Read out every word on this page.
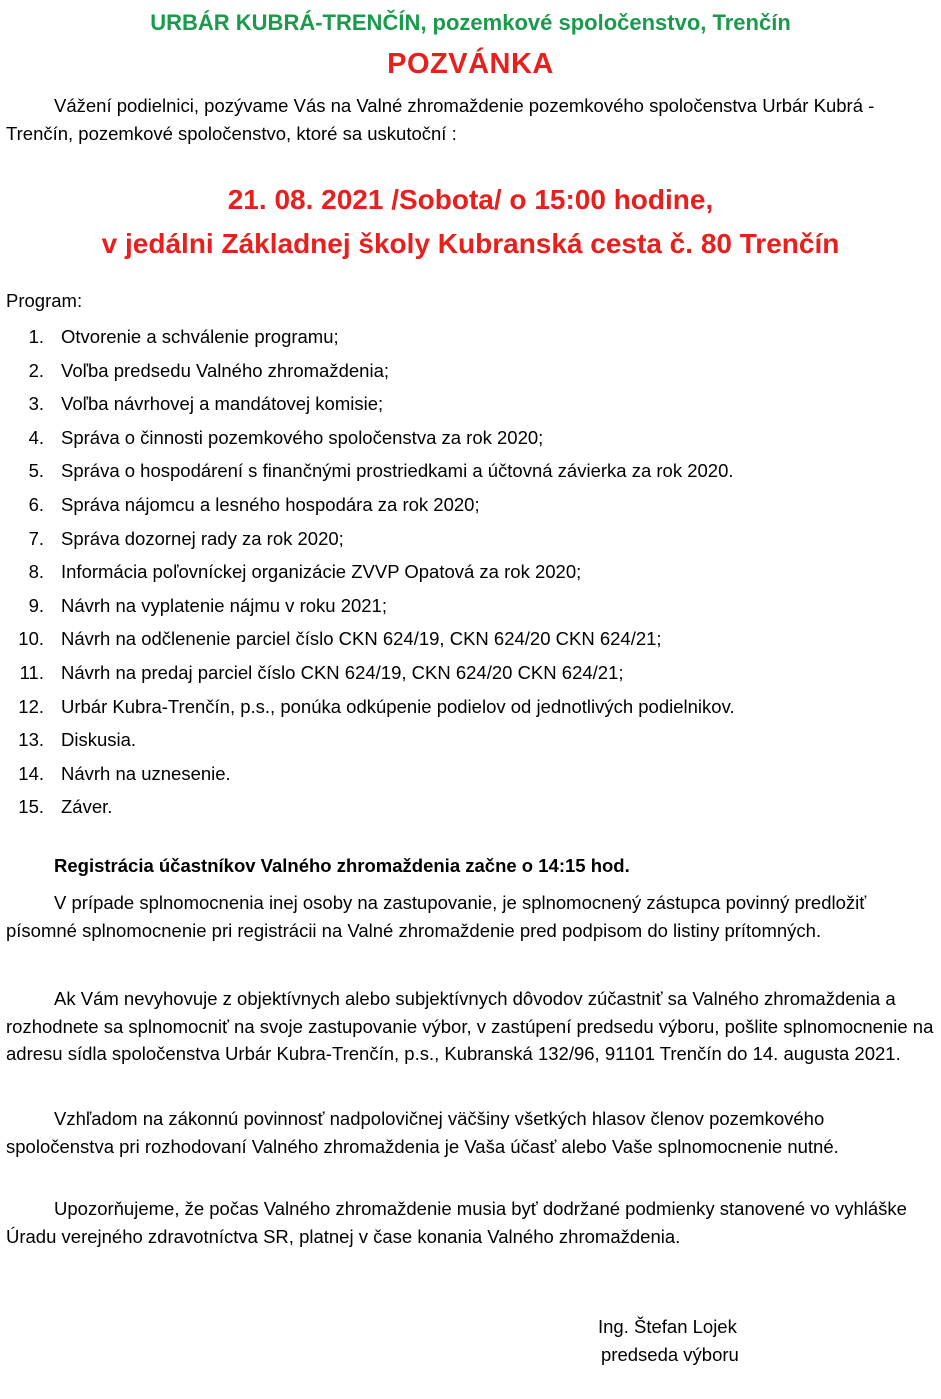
URBÁR KUBRÁ-TRENČÍN, pozemkové spoločenstvo, Trenčín
POZVÁNKA
Vážení podielnici, pozývame Vás na Valné zhromaždenie pozemkového spoločenstva Urbár Kubrá - Trenčín, pozemkové spoločenstvo, ktoré sa uskutoční :
21. 08. 2021 /Sobota/ o 15:00 hodine,
v jedálni Základnej školy Kubranská cesta č. 80 Trenčín
Program:
1. Otvorenie a schválenie programu;
2. Voľba predsedu Valného zhromaždenia;
3. Voľba návrhovej a mandátovej komisie;
4. Správa o činnosti pozemkového spoločenstva za rok 2020;
5. Správa o hospodárení s finančnými prostriedkami a účtovná závierka za rok 2020.
6. Správa nájomcu a lesného hospodára za rok 2020;
7. Správa dozornej rady za rok 2020;
8. Informácia poľovníckej organizácie ZVVP Opatová za rok 2020;
9. Návrh na vyplatenie nájmu v roku 2021;
10. Návrh na odčlenenie parciel číslo CKN 624/19, CKN 624/20 CKN 624/21;
11. Návrh na predaj parciel číslo CKN 624/19, CKN 624/20 CKN 624/21;
12. Urbár Kubra-Trenčín, p.s., ponúka odkúpenie podielov od jednotlivých podielnikov.
13. Diskusia.
14. Návrh na uznesenie.
15. Záver.
Registrácia účastníkov Valného zhromaždenia začne o 14:15 hod.
V prípade splnomocnenia inej osoby na zastupovanie, je splnomocnený zástupca povinný predložiť písomné splnomocnenie pri registrácii na Valné zhromaždenie pred podpisom do listiny prítomných.
Ak Vám nevyhovuje z objektívnych alebo subjektívnych dôvodov zúčastniť sa Valného zhromaždenia a rozhodnete sa splnomocniť na svoje zastupovanie výbor, v zastúpení predsedu výboru, pošlite splnomocnenie na adresu sídla spoločenstva Urbár Kubra-Trenčín, p.s., Kubranská 132/96, 91101 Trenčín do 14. augusta 2021.
Vzhľadom na zákonnú povinnosť nadpolovičnej väčšiny všetkých hlasov členov pozemkového spoločenstva pri rozhodovaní Valného zhromaždenia je Vaša účasť alebo Vaše splnomocnenie nutné.
Upozorňujeme, že počas Valného zhromaždenie musia byť dodržané podmienky stanovené vo vyhláške Úradu verejného zdravotníctva SR, platnej v čase konania Valného zhromaždenia.
Ing. Štefan Lojek
predseda výboru
